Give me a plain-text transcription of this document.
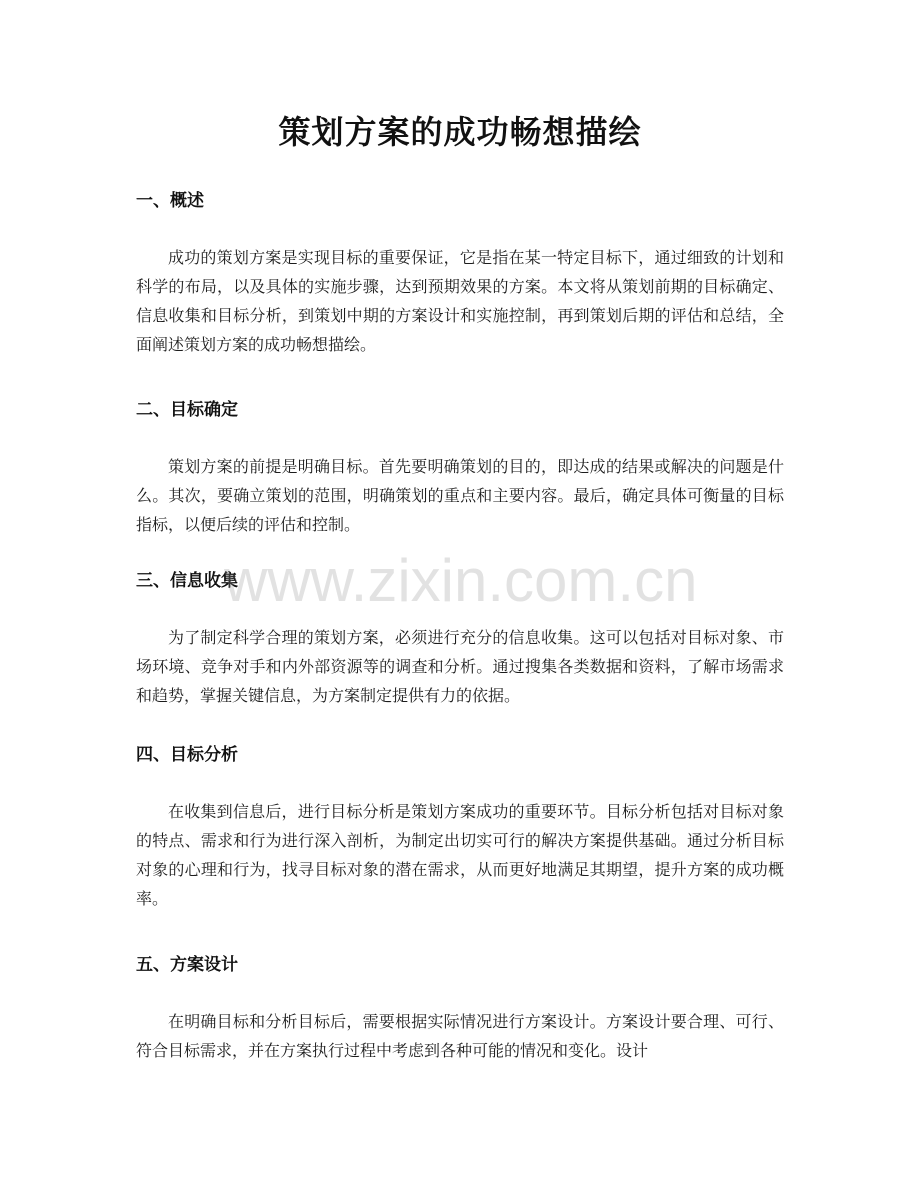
策划方案的成功畅想描绘
一、概述

成功的策划方案是实现目标的重要保证，它是指在某一特定目标下，通过细致的计划和科学的布局，以及具体的实施步骤，达到预期效果的方案。本文将从策划前期的目标确定、信息收集和目标分析，到策划中期的方案设计和实施控制，再到策划后期的评估和总结，全面阐述策划方案的成功畅想描绘。

二、目标确定

策划方案的前提是明确目标。首先要明确策划的目的，即达成的结果或解决的问题是什么。其次，要确立策划的范围，明确策划的重点和主要内容。最后，确定具体可衡量的目标指标，以便后续的评估和控制。

三、信息收集

为了制定科学合理的策划方案，必须进行充分的信息收集。这可以包括对目标对象、市场环境、竞争对手和内外部资源等的调查和分析。通过搜集各类数据和资料，了解市场需求和趋势，掌握关键信息，为方案制定提供有力的依据。

四、目标分析

在收集到信息后，进行目标分析是策划方案成功的重要环节。目标分析包括对目标对象的特点、需求和行为进行深入剖析，为制定出切实可行的解决方案提供基础。通过分析目标对象的心理和行为，找寻目标对象的潜在需求，从而更好地满足其期望，提升方案的成功概率。

五、方案设计

在明确目标和分析目标后，需要根据实际情况进行方案设计。方案设计要合理、可行、符合目标需求，并在方案执行过程中考虑到各种可能的情况和变化。设计

www.zixin.com.cn
